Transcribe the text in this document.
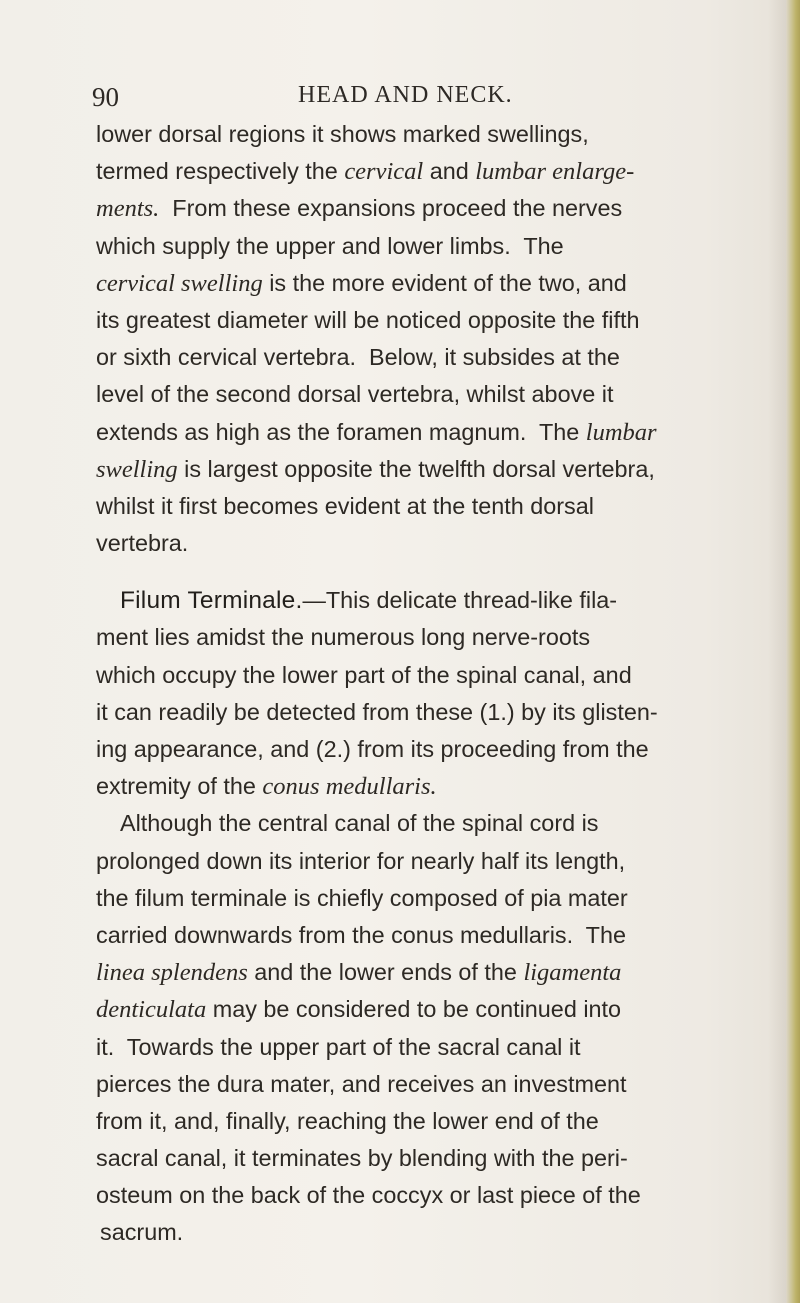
90	HEAD AND NECK.
lower dorsal regions it shows marked swellings,
termed respectively the cervical and lumbar enlarge-
ments.  From these expansions proceed the nerves
which supply the upper and lower limbs.  The
cervical swelling is the more evident of the two, and
its greatest diameter will be noticed opposite the fifth
or sixth cervical vertebra.  Below, it subsides at the
level of the second dorsal vertebra, whilst above it
extends as high as the foramen magnum.  The lumbar
swelling is largest opposite the twelfth dorsal vertebra,
whilst it first becomes evident at the tenth dorsal
vertebra.
Filum Terminale.—This delicate thread-like fila-
ment lies amidst the numerous long nerve-roots
which occupy the lower part of the spinal canal, and
it can readily be detected from these (1.) by its glisten-
ing appearance, and (2.) from its proceeding from the
extremity of the conus medullaris.
Although the central canal of the spinal cord is
prolonged down its interior for nearly half its length,
the filum terminale is chiefly composed of pia mater
carried downwards from the conus medullaris.  The
linea splendens and the lower ends of the ligamenta
denticulata may be considered to be continued into
it.  Towards the upper part of the sacral canal it
pierces the dura mater, and receives an investment
from it, and, finally, reaching the lower end of the
sacral canal, it terminates by blending with the peri-
osteum on the back of the coccyx or last piece of the
sacrum.
